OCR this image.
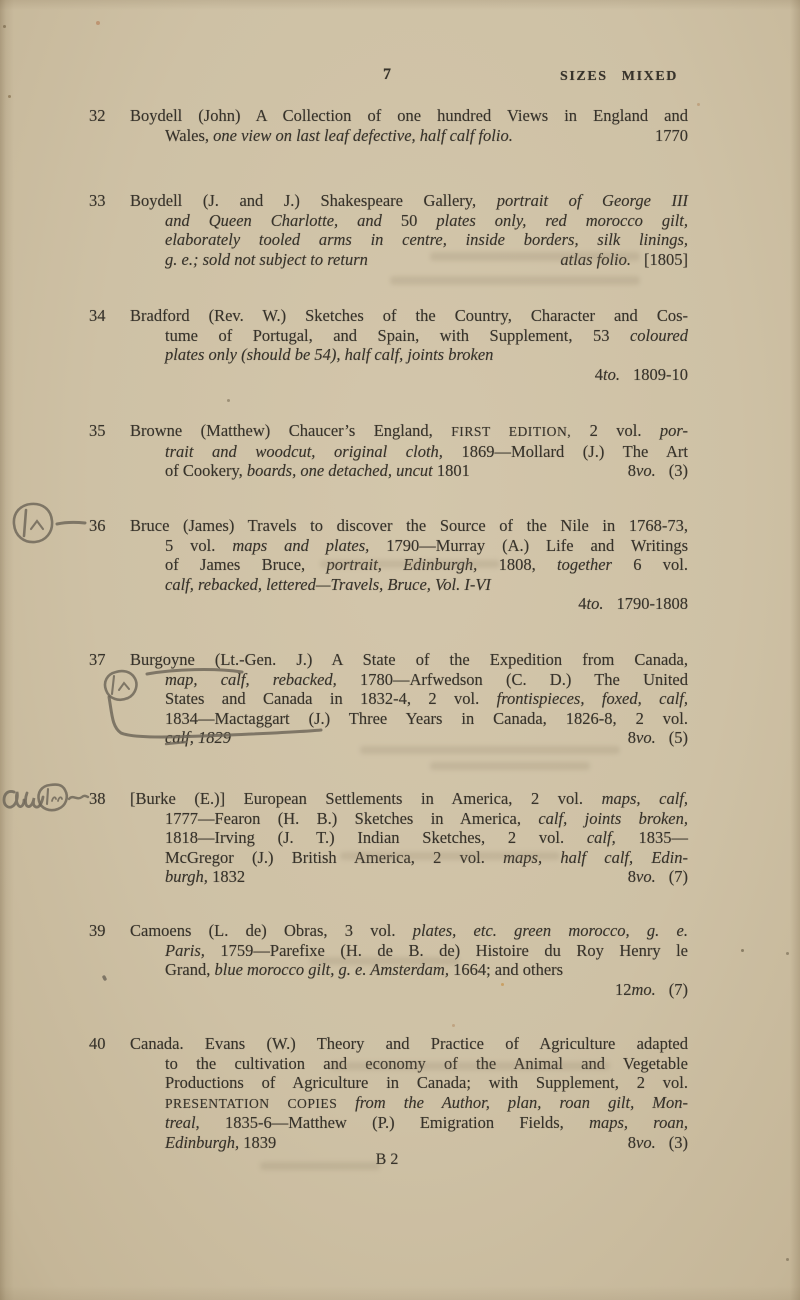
7	SIZES MIXED
32 Boydell (John) A Collection of one hundred Views in England and
Wales, one view on last leaf defective, half calf folio.	1770
33 Boydell (J. and J.) Shakespeare Gallery, portrait of George III
and Queen Charlotte, and 50 plates only, red morocco gilt,
elaborately tooled arms in centre, inside borders, silk linings,
g. e.; sold not subject to return	atlas folio. [1805]
34 Bradford (Rev. W.) Sketches of the Country, Character and Cos-
tume of Portugal, and Spain, with Supplement, 53 coloured
plates only (should be 54), half calf, joints broken
4to. 1809-10
35 Browne (Matthew) Chaucer’s England, FIRST EDITION, 2 vol. por-
trait and woodcut, original cloth, 1869—Mollard (J.) The Art
of Cookery, boards, one detached, uncut 1801	8vo. (3)
36 Bruce (James) Travels to discover the Source of the Nile in 1768-73,
5 vol. maps and plates, 1790—Murray (A.) Life and Writings
of James Bruce, portrait, Edinburgh, 1808, together 6 vol.
calf, rebacked, lettered—Travels, Bruce, Vol. I-VI
4to. 1790-1808
37 Burgoyne (Lt.-Gen. J.) A State of the Expedition from Canada,
map, calf, rebacked, 1780—Arfwedson (C. D.) The United
States and Canada in 1832-4, 2 vol. frontispieces, foxed, calf,
1834—Mactaggart (J.) Three Years in Canada, 1826-8, 2 vol.
calf, 1829	8vo. (5)
38 [Burke (E.)] European Settlements in America, 2 vol. maps, calf,
1777—Fearon (H. B.) Sketches in America, calf, joints broken,
1818—Irving (J. T.) Indian Sketches, 2 vol. calf, 1835—
McGregor (J.) British America, 2 vol. maps, half calf, Edin-
burgh, 1832	8vo. (7)
39 Camoens (L. de) Obras, 3 vol. plates, etc. green morocco, g. e.
Paris, 1759—Parefixe (H. de B. de) Histoire du Roy Henry le
Grand, blue morocco gilt, g. e. Amsterdam, 1664; and others
12mo. (7)
40 Canada. Evans (W.) Theory and Practice of Agriculture adapted
to the cultivation and economy of the Animal and Vegetable
Productions of Agriculture in Canada; with Supplement, 2 vol.
PRESENTATION COPIES from the Author, plan, roan gilt, Mon-
treal, 1835-6—Matthew (P.) Emigration Fields, maps, roan,
Edinburgh, 1839	8vo. (3)
B 2
